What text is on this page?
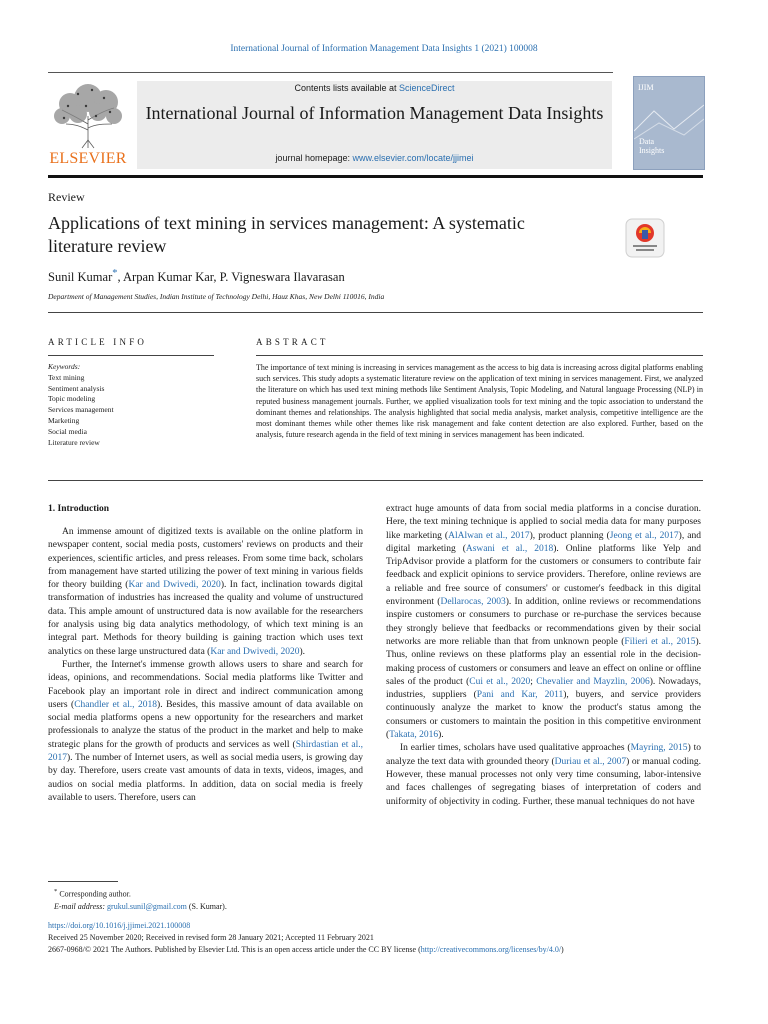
International Journal of Information Management Data Insights 1 (2021) 100008
ELSEVIER
Contents lists available at ScienceDirect
International Journal of Information Management Data Insights
journal homepage: www.elsevier.com/locate/jjimei
IJIM
Data
Insights
Review
Applications of text mining in services management: A systematic literature review
Sunil Kumar*, Arpan Kumar Kar, P. Vigneswara Ilavarasan
Department of Management Studies, Indian Institute of Technology Delhi, Hauz Khas, New Delhi 110016, India
ARTICLE INFO	ABSTRACT
Keywords:
Text mining
Sentiment analysis
Topic modeling
Services management
Marketing
Social media
Literature review
The importance of text mining is increasing in services management as the access to big data is increasing across digital platforms enabling such services. This study adopts a systematic literature review on the application of text mining in services management. First, we analyzed the literature on which has used text mining methods like Sentiment Analysis, Topic Modeling, and Natural language Processing (NLP) in reputed business management journals. Further, we applied visualization tools for text mining and the topic association to understand the dominant themes and relationships. The analysis highlighted that social media analysis, market analysis, competitive intelligence are the most dominant themes while other themes like risk management and fake content detection are also explored. Further, based on the analysis, future research agenda in the field of text mining in services management has been indicated.
1. Introduction

An immense amount of digitized texts is available on the online platform in newspaper content, social media posts, customers' reviews on products and their experiences, scientific articles, and press releases. From some time back, scholars from management have started utilizing the power of text mining in various fields for theory building (Kar and Dwivedi, 2020). In fact, inclination towards digital transformation of industries has increased the quality and volume of unstructured data. This ample amount of unstructured data is now available for the researchers for analysis using big data analytics methodology, of which text mining is an integral part. Methods for theory building is gaining traction which uses text analytics on these large unstructured data (Kar and Dwivedi, 2020).

Further, the Internet's immense growth allows users to share and search for ideas, opinions, and recommendations. Social media platforms like Twitter and Facebook play an important role in direct and indirect communication among users (Chandler et al., 2018). Besides, this massive amount of data available on social media platforms opens a new opportunity for the researchers and market professionals to analyze the status of the product in the market and help to make strategic plans for the growth of products and services as well (Shirdastian et al., 2017). The number of Internet users, as well as social media users, is growing day by day. Therefore, users create vast amounts of data in texts, videos, images, and audios on social media platforms. In addition, data on social media is freely available to users. Therefore, users can

extract huge amounts of data from social media platforms in a concise duration. Here, the text mining technique is applied to social media data for many purposes like marketing (AlAlwan et al., 2017), product planning (Jeong et al., 2017), and digital marketing (Aswani et al., 2018). Online platforms like Yelp and TripAdvisor provide a platform for the customers or consumers to contribute fair feedback and explicit opinions to service providers. Therefore, online reviews are a reliable and free source of consumers' or customer's feedback in this digital environment (Dellarocas, 2003). In addition, online reviews or recommendations inspire customers or consumers to purchase or re-purchase the services because they strongly believe that feedbacks or recommendations given by their social networks are more reliable than that from unknown people (Filieri et al., 2015). Thus, online reviews on these platforms play an essential role in the decision-making process of customers or consumers and leave an effect on online or offline sales of the product (Cui et al., 2020; Chevalier and Mayzlin, 2006). Nowadays, industries, suppliers (Pani and Kar, 2011), buyers, and service providers continuously analyze the market to know the product's status among the consumers or customers to maintain the position in this competitive environment (Takata, 2016).

In earlier times, scholars have used qualitative approaches (Mayring, 2015) to analyze the text data with grounded theory (Duriau et al., 2007) or manual coding. However, these manual processes not only very time consuming, labor-intensive and faces challenges of segregating biases of interpretation of coders and uniformity of objectivity in coding. Further, these manual techniques do not have

* Corresponding author.
E-mail address: grukul.sunil@gmail.com (S. Kumar).
https://doi.org/10.1016/j.jjimei.2021.100008
Received 25 November 2020; Received in revised form 28 January 2021; Accepted 11 February 2021
2667-0968/© 2021 The Authors. Published by Elsevier Ltd. This is an open access article under the CC BY license (http://creativecommons.org/licenses/by/4.0/)
